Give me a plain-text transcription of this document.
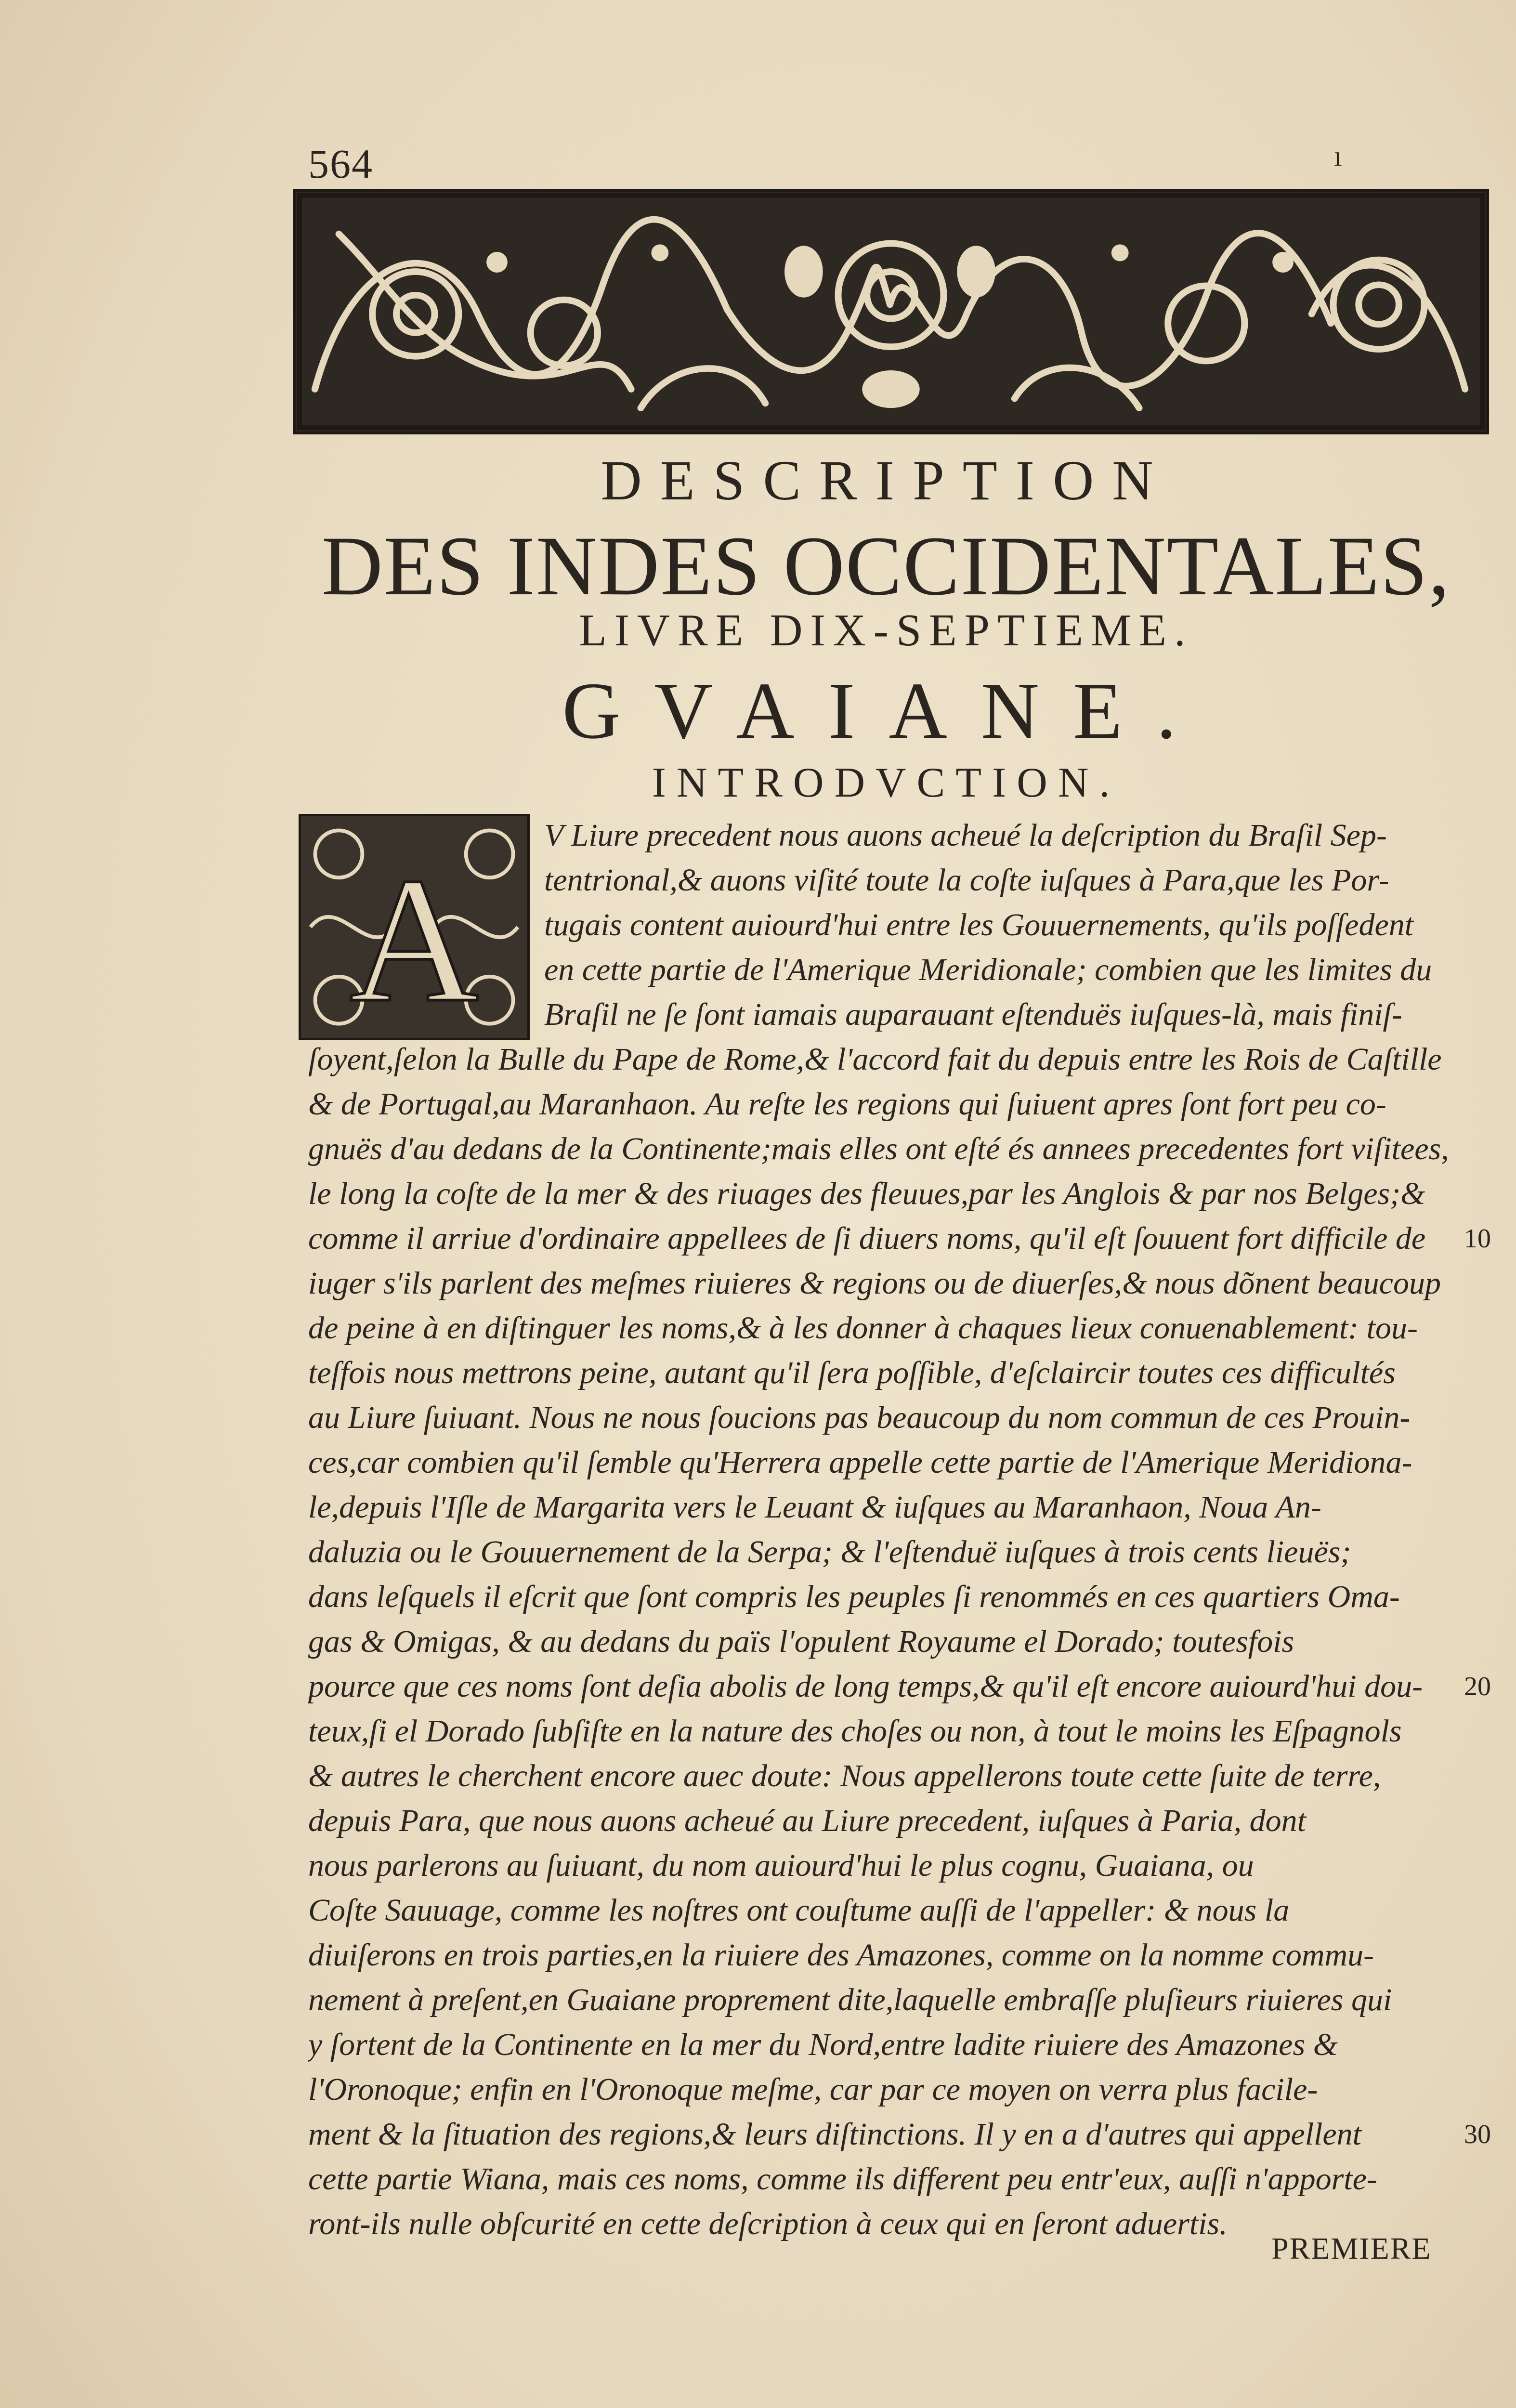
564	ı
DESCRIPTION
DES INDES OCCIDENTALES,
LIVRE DIX-SEPTIEME.
GVAIANE.
INTRODVCTION.
A
V Liure precedent nous auons acheué la deſcription du Braſil Sep-
tentrional,& auons viſité toute la coſte iuſques à Para,que les Por-
tugais content auiourd'hui entre les Gouuernements, qu'ils poſſedent
en cette partie de l'Amerique Meridionale; combien que les limites du
Braſil ne ſe ſont iamais auparauant eſtenduës iuſques-là, mais finiſ-
ſoyent,ſelon la Bulle du Pape de Rome,& l'accord fait du depuis entre les Rois de Caſtille
& de Portugal,au Maranhaon. Au reſte les regions qui ſuiuent apres ſont fort peu co-
gnuës d'au dedans de la Continente;mais elles ont eſté és annees precedentes fort viſitees,
le long la coſte de la mer & des riuages des fleuues,par les Anglois & par nos Belges;&
comme il arriue d'ordinaire appellees de ſi diuers noms, qu'il eſt ſouuent fort difficile de
iuger s'ils parlent des meſmes riuieres & regions ou de diuerſes,& nous dõnent beaucoup
de peine à en diſtinguer les noms,& à les donner à chaques lieux conuenablement: tou-
teſfois nous mettrons peine, autant qu'il ſera poſſible, d'eſclaircir toutes ces difficultés
au Liure ſuiuant. Nous ne nous ſoucions pas beaucoup du nom commun de ces Prouin-
ces,car combien qu'il ſemble qu'Herrera appelle cette partie de l'Amerique Meridiona-
le,depuis l'Iſle de Margarita vers le Leuant & iuſques au Maranhaon, Noua An-
daluzia ou le Gouuernement de la Serpa; & l'eſtenduë iuſques à trois cents lieuës;
dans leſquels il eſcrit que ſont compris les peuples ſi renommés en ces quartiers Oma-
gas & Omigas, & au dedans du païs l'opulent Royaume el Dorado; toutesfois
pource que ces noms ſont deſia abolis de long temps,& qu'il eſt encore auiourd'hui dou-
teux,ſi el Dorado ſubſiſte en la nature des choſes ou non, à tout le moins les Eſpagnols
& autres le cherchent encore auec doute: Nous appellerons toute cette ſuite de terre,
depuis Para, que nous auons acheué au Liure precedent, iuſques à Paria, dont
nous parlerons au ſuiuant, du nom auiourd'hui le plus cognu, Guaiana, ou
Coſte Sauuage, comme les noſtres ont couſtume auſſi de l'appeller: & nous la
diuiſerons en trois parties,en la riuiere des Amazones, comme on la nomme commu-
nement à preſent,en Guaiane proprement dite,laquelle embraſſe pluſieurs riuieres qui
y ſortent de la Continente en la mer du Nord,entre ladite riuiere des Amazones &
l'Oronoque; enfin en l'Oronoque meſme, car par ce moyen on verra plus facile-
ment & la ſituation des regions,& leurs diſtinctions. Il y en a d'autres qui appellent
cette partie Wiana, mais ces noms, comme ils different peu entr'eux, auſſi n'apporte-
ront-ils nulle obſcurité en cette deſcription à ceux qui en ſeront aduertis.
10
20
30
PREMIERE
